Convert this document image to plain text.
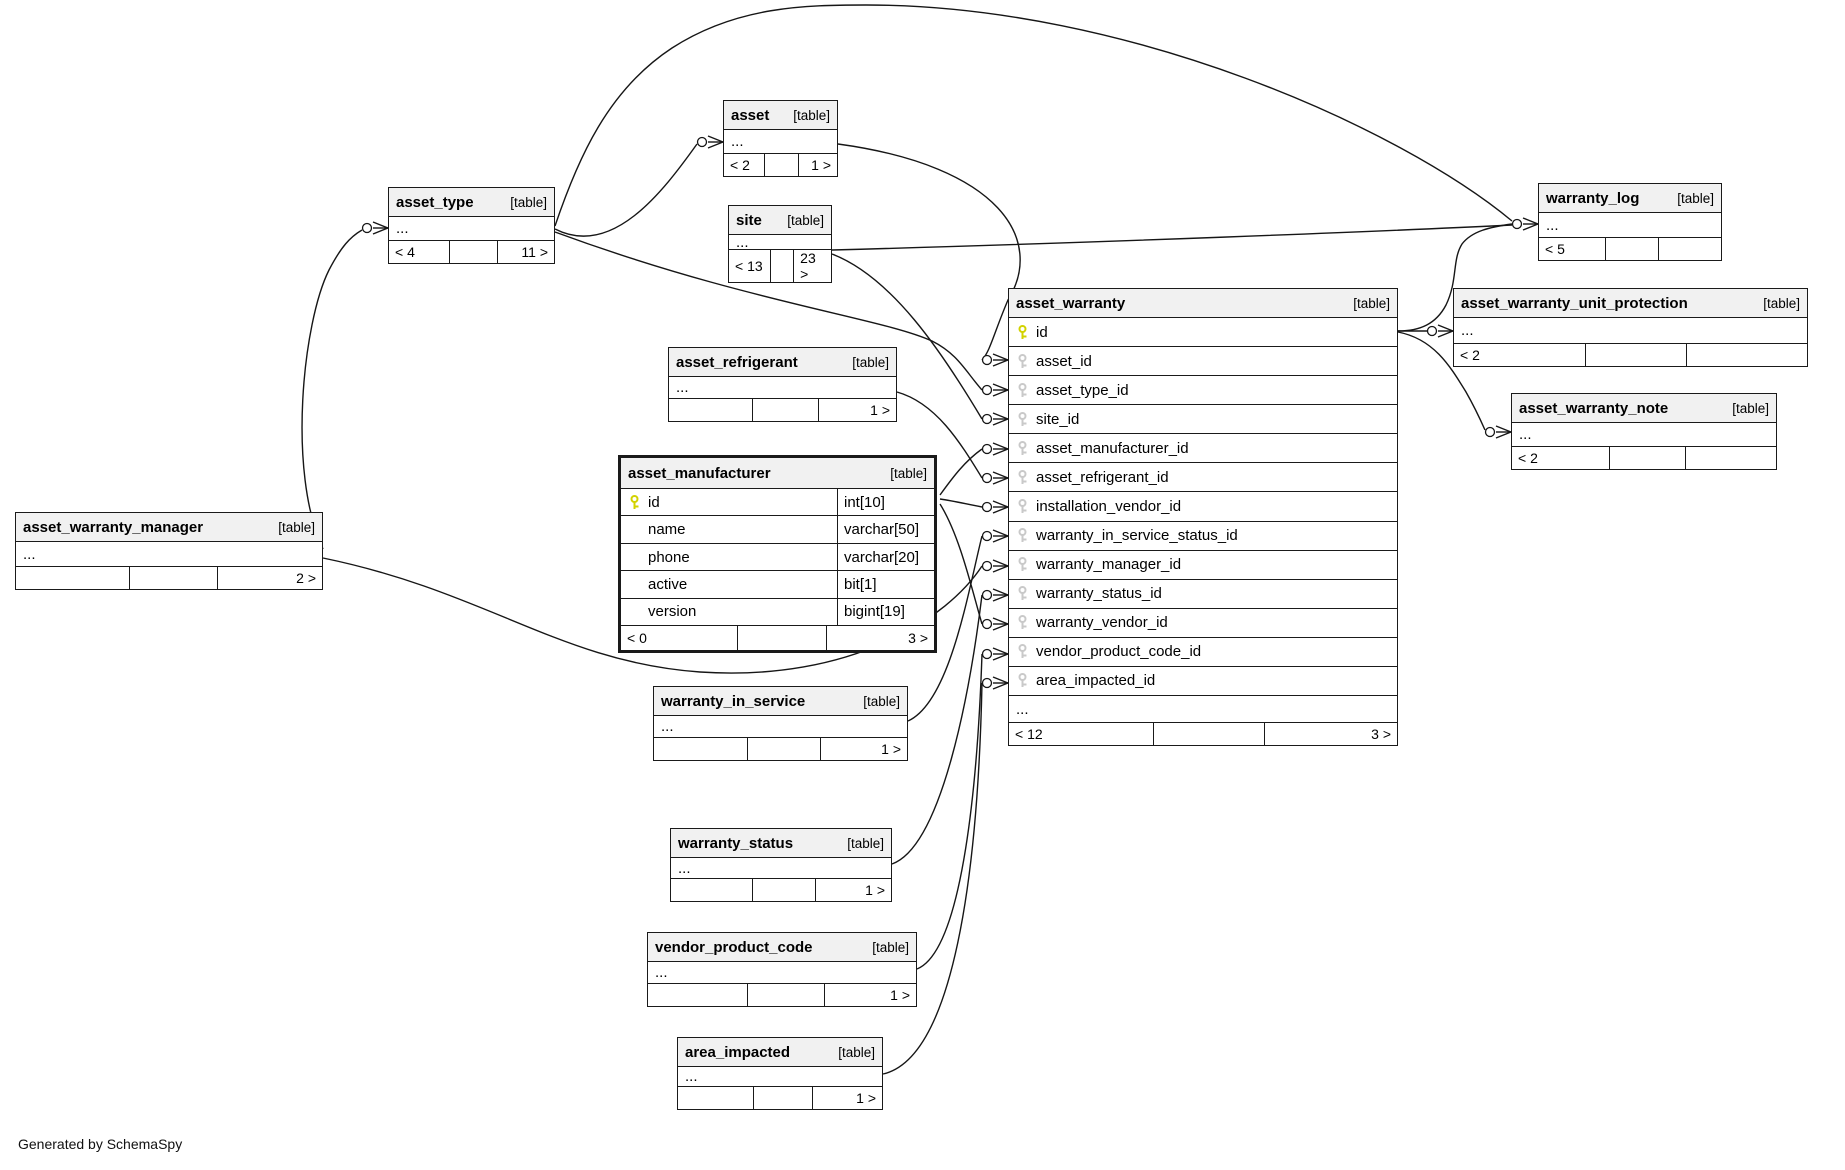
Generated by SchemaSpy
asset [table]
...
< 2	1 >
asset_type	[table]
...
< 4	11 >
site [table]
...
< 13	23 >
warranty_log	[table]
...
< 5
asset_warranty_unit_protection	[table]
...
< 2
asset_warranty_note	[table]
...
< 2
asset_refrigerant	[table]
...
1 >
asset_manufacturer	[table]
id	int[10]
name	varchar[50]
phone	varchar[20]
active	bit[1]
version	bigint[19]
< 0	3 >
asset_warranty_manager	[table]
...
2 >
warranty_in_service	[table]
...
1 >
warranty_status	[table]
...
1 >
vendor_product_code	[table]
...
1 >
area_impacted	[table]
...
1 >
asset_warranty	[table]
id
asset_id
asset_type_id
site_id
asset_manufacturer_id
asset_refrigerant_id
installation_vendor_id
warranty_in_service_status_id
warranty_manager_id
warranty_status_id
warranty_vendor_id
vendor_product_code_id
area_impacted_id
...
< 12	3 >
